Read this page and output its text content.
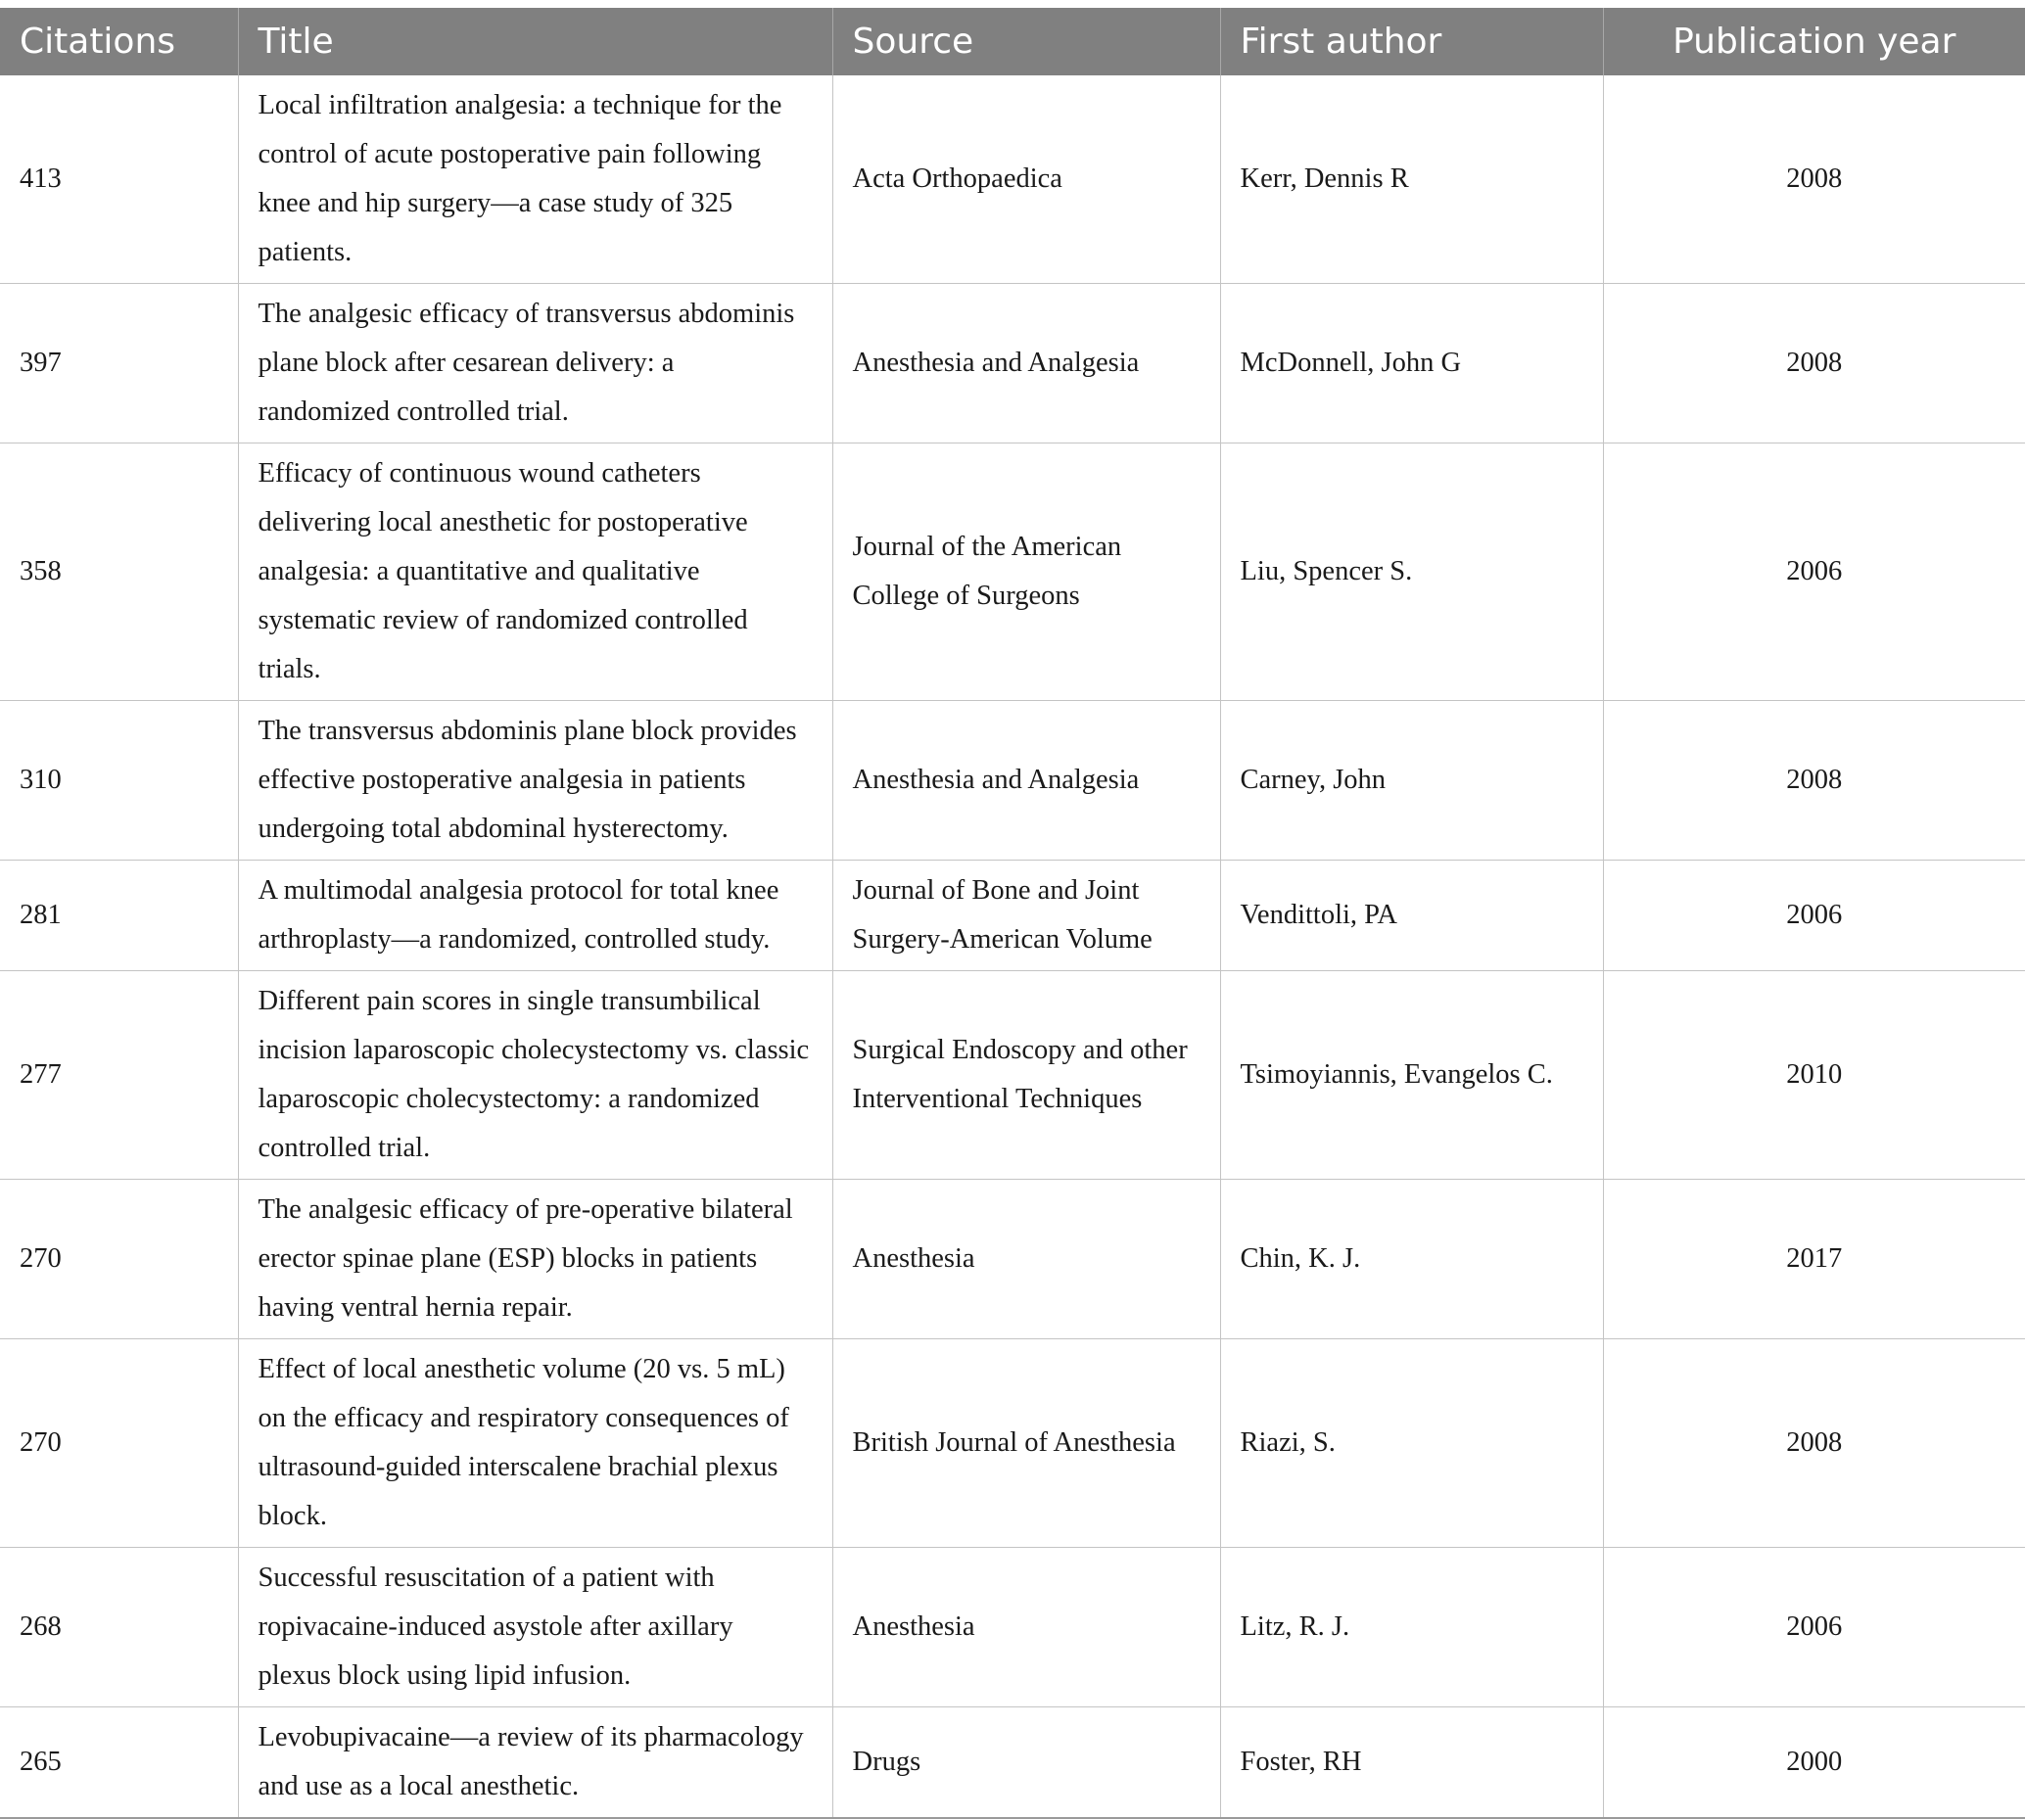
Citations	Title	Source	First author	Publication year
413	Local infiltration analgesia: a technique for the control of acute postoperative pain following knee and hip surgery—a case study of 325 patients.	Acta Orthopaedica	Kerr, Dennis R	2008
397	The analgesic efficacy of transversus abdominis plane block after cesarean delivery: a randomized controlled trial.	Anesthesia and Analgesia	McDonnell, John G	2008
358	Efficacy of continuous wound catheters delivering local anesthetic for postoperative analgesia: a quantitative and qualitative systematic review of randomized controlled trials.	Journal of the American College of Surgeons	Liu, Spencer S.	2006
310	The transversus abdominis plane block provides effective postoperative analgesia in patients undergoing total abdominal hysterectomy.	Anesthesia and Analgesia	Carney, John	2008
281	A multimodal analgesia protocol for total knee arthroplasty—a randomized, controlled study.	Journal of Bone and Joint Surgery-American Volume	Vendittoli, PA	2006
277	Different pain scores in single transumbilical incision laparoscopic cholecystectomy vs. classic laparoscopic cholecystectomy: a randomized controlled trial.	Surgical Endoscopy and other Interventional Techniques	Tsimoyiannis, Evangelos C.	2010
270	The analgesic efficacy of pre-operative bilateral erector spinae plane (ESP) blocks in patients having ventral hernia repair.	Anesthesia	Chin, K. J.	2017
270	Effect of local anesthetic volume (20 vs. 5 mL) on the efficacy and respiratory consequences of ultrasound-guided interscalene brachial plexus block.	British Journal of Anesthesia	Riazi, S.	2008
268	Successful resuscitation of a patient with ropivacaine-induced asystole after axillary plexus block using lipid infusion.	Anesthesia	Litz, R. J.	2006
265	Levobupivacaine—a review of its pharmacology and use as a local anesthetic.	Drugs	Foster, RH	2000
